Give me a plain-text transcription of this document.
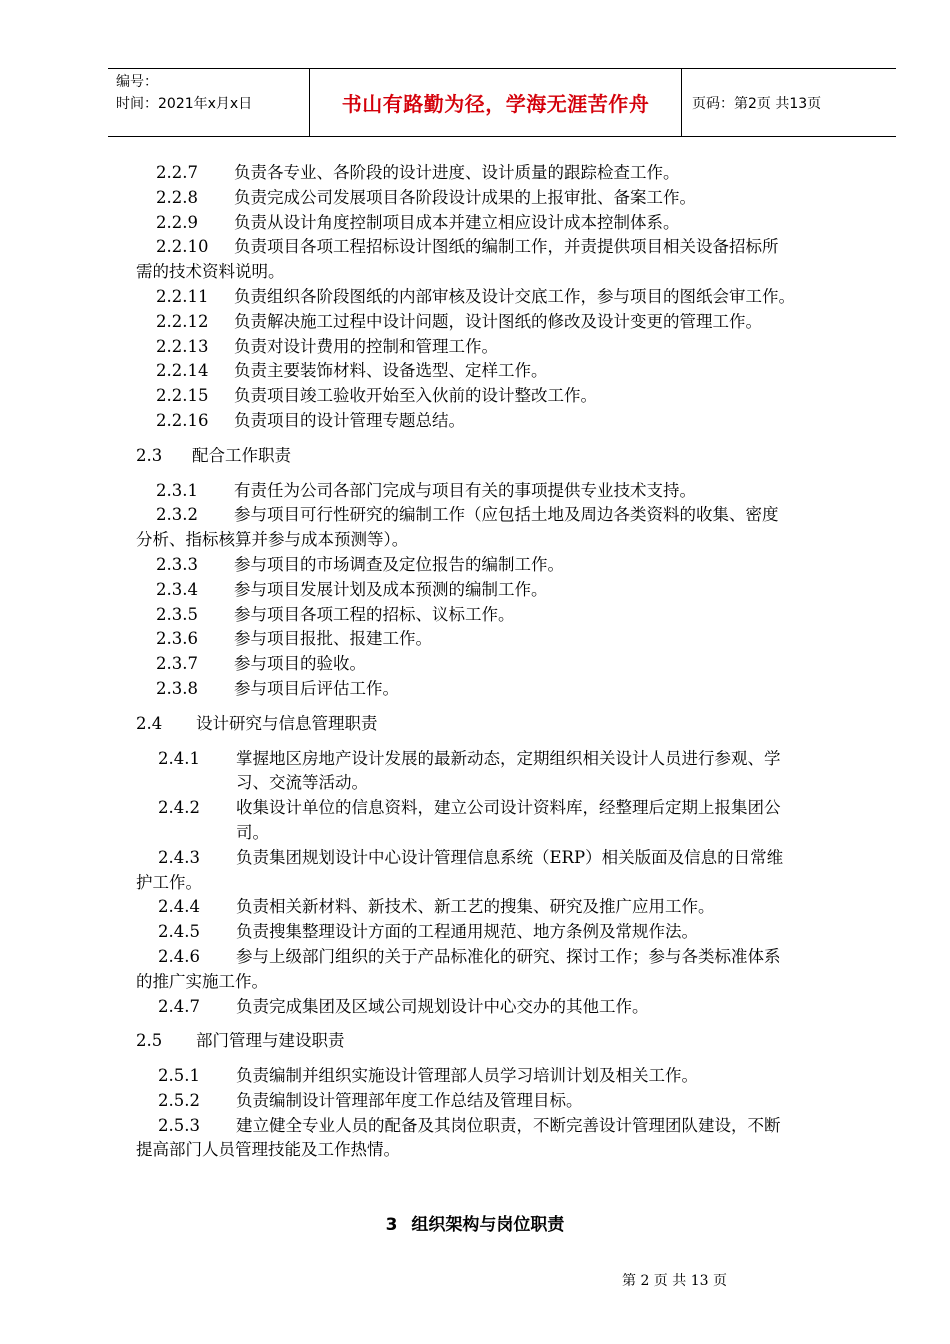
编号：
时间：2021年x月x日	书山有路勤为径，学海无涯苦作舟	页码：第2页 共13页
2.2.7 负责各专业、各阶段的设计进度、设计质量的跟踪检查工作。
2.2.8 负责完成公司发展项目各阶段设计成果的上报审批、备案工作。
2.2.9 负责从设计角度控制项目成本并建立相应设计成本控制体系。
2.2.10 负责项目各项工程招标设计图纸的编制工作，并责提供项目相关设备招标所
需的技术资料说明。
2.2.11 负责组织各阶段图纸的内部审核及设计交底工作，参与项目的图纸会审工作。
2.2.12 负责解决施工过程中设计问题，设计图纸的修改及设计变更的管理工作。
2.2.13 负责对设计费用的控制和管理工作。
2.2.14 负责主要装饰材料、设备选型、定样工作。
2.2.15 负责项目竣工验收开始至入伙前的设计整改工作。
2.2.16 负责项目的设计管理专题总结。
2.3 配合工作职责
2.3.1 有责任为公司各部门完成与项目有关的事项提供专业技术支持。
2.3.2 参与项目可行性研究的编制工作（应包括土地及周边各类资料的收集、密度
分析、指标核算并参与成本预测等）。
2.3.3 参与项目的市场调查及定位报告的编制工作。
2.3.4 参与项目发展计划及成本预测的编制工作。
2.3.5 参与项目各项工程的招标、议标工作。
2.3.6 参与项目报批、报建工作。
2.3.7 参与项目的验收。
2.3.8 参与项目后评估工作。
2.4 设计研究与信息管理职责
2.4.1 掌握地区房地产设计发展的最新动态，定期组织相关设计人员进行参观、学
习、交流等活动。
2.4.2 收集设计单位的信息资料，建立公司设计资料库，经整理后定期上报集团公
司。
2.4.3 负责集团规划设计中心设计管理信息系统（ERP）相关版面及信息的日常维
护工作。
2.4.4 负责相关新材料、新技术、新工艺的搜集、研究及推广应用工作。
2.4.5 负责搜集整理设计方面的工程通用规范、地方条例及常规作法。
2.4.6 参与上级部门组织的关于产品标准化的研究、探讨工作；参与各类标准体系
的推广实施工作。
2.4.7 负责完成集团及区域公司规划设计中心交办的其他工作。
2.5 部门管理与建设职责
2.5.1 负责编制并组织实施设计管理部人员学习培训计划及相关工作。
2.5.2 负责编制设计管理部年度工作总结及管理目标。
2.5.3 建立健全专业人员的配备及其岗位职责，不断完善设计管理团队建设，不断
提高部门人员管理技能及工作热情。
3 组织架构与岗位职责
第 2 页 共 13 页
